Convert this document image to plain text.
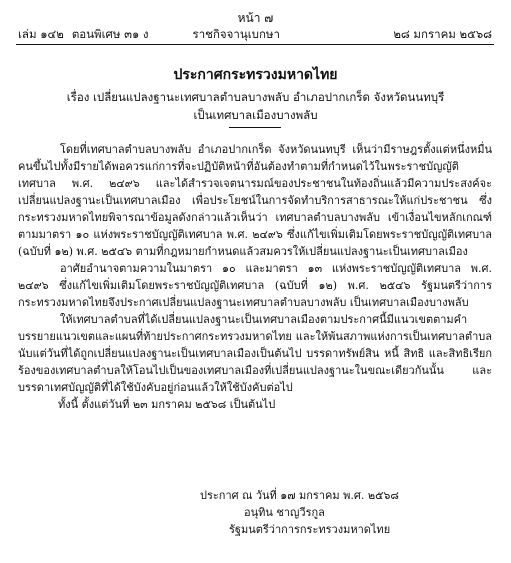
หน้า ๗
เล่ม ๑๔๒ ตอนพิเศษ ๓๑ ง	ราชกิจจานุเบกษา	๒๘ มกราคม ๒๕๖๘
ประกาศกระทรวงมหาดไทย
เรื่อง เปลี่ยนแปลงฐานะเทศบาลตำบลบางพลับ อำเภอปากเกร็ด จังหวัดนนทบุรี
เป็นเทศบาลเมืองบางพลับ

โดยที่เทศบาลตำบลบางพลับ อำเภอปากเกร็ด จังหวัดนนทบุรี เห็นว่ามีราษฎรตั้งแต่หนึ่งหมื่นคนขึ้นไปทั้งมีรายได้พอควรแก่การที่จะปฏิบัติหน้าที่อันต้องทำตามที่กำหนดไว้ในพระราชบัญญัติเทศบาล พ.ศ. ๒๔๙๖ และได้สำรวจเจตนารมณ์ของประชาชนในท้องถิ่นแล้วมีความประสงค์จะเปลี่ยนแปลงฐานะเป็นเทศบาลเมือง เพื่อประโยชน์ในการจัดทำบริการสาธารณะให้แก่ประชาชน ซึ่งกระทรวงมหาดไทยพิจารณาข้อมูลดังกล่าวแล้วเห็นว่า เทศบาลตำบลบางพลับ เข้าเงื่อนไขหลักเกณฑ์ตามมาตรา ๑๐ แห่งพระราชบัญญัติเทศบาล พ.ศ. ๒๔๙๖ ซึ่งแก้ไขเพิ่มเติมโดยพระราชบัญญัติเทศบาล (ฉบับที่ ๑๒) พ.ศ. ๒๕๔๖ ตามที่กฎหมายกำหนดแล้วสมควรให้เปลี่ยนแปลงฐานะเป็นเทศบาลเมือง

อาศัยอำนาจตามความในมาตรา ๑๐ และมาตรา ๑๓ แห่งพระราชบัญญัติเทศบาล พ.ศ. ๒๔๙๖ ซึ่งแก้ไขเพิ่มเติมโดยพระราชบัญญัติเทศบาล (ฉบับที่ ๑๒) พ.ศ. ๒๕๔๖ รัฐมนตรีว่าการกระทรวงมหาดไทยจึงประกาศเปลี่ยนแปลงฐานะเทศบาลตำบลบางพลับ เป็นเทศบาลเมืองบางพลับ

ให้เทศบาลตำบลที่ได้เปลี่ยนแปลงฐานะเป็นเทศบาลเมืองตามประกาศนี้มีแนวเขตตามคำบรรยายแนวเขตและแผนที่ท้ายประกาศกระทรวงมหาดไทย และให้พ้นสภาพแห่งการเป็นเทศบาลตำบล นับแต่วันที่ได้ถูกเปลี่ยนแปลงฐานะเป็นเทศบาลเมืองเป็นต้นไป บรรดาทรัพย์สิน หนี้ สิทธิ และสิทธิเรียกร้องของเทศบาลตำบลให้โอนไปเป็นของเทศบาลเมืองที่เปลี่ยนแปลงฐานะในขณะเดียวกันนั้น และบรรดาเทศบัญญัติที่ได้ใช้บังคับอยู่ก่อนแล้วให้ใช้บังคับต่อไป

ทั้งนี้ ตั้งแต่วันที่ ๒๓ มกราคม ๒๕๖๘ เป็นต้นไป

ประกาศ ณ วันที่ ๑๗ มกราคม พ.ศ. ๒๕๖๘
อนุทิน ชาญวีรกูล
รัฐมนตรีว่าการกระทรวงมหาดไทย
